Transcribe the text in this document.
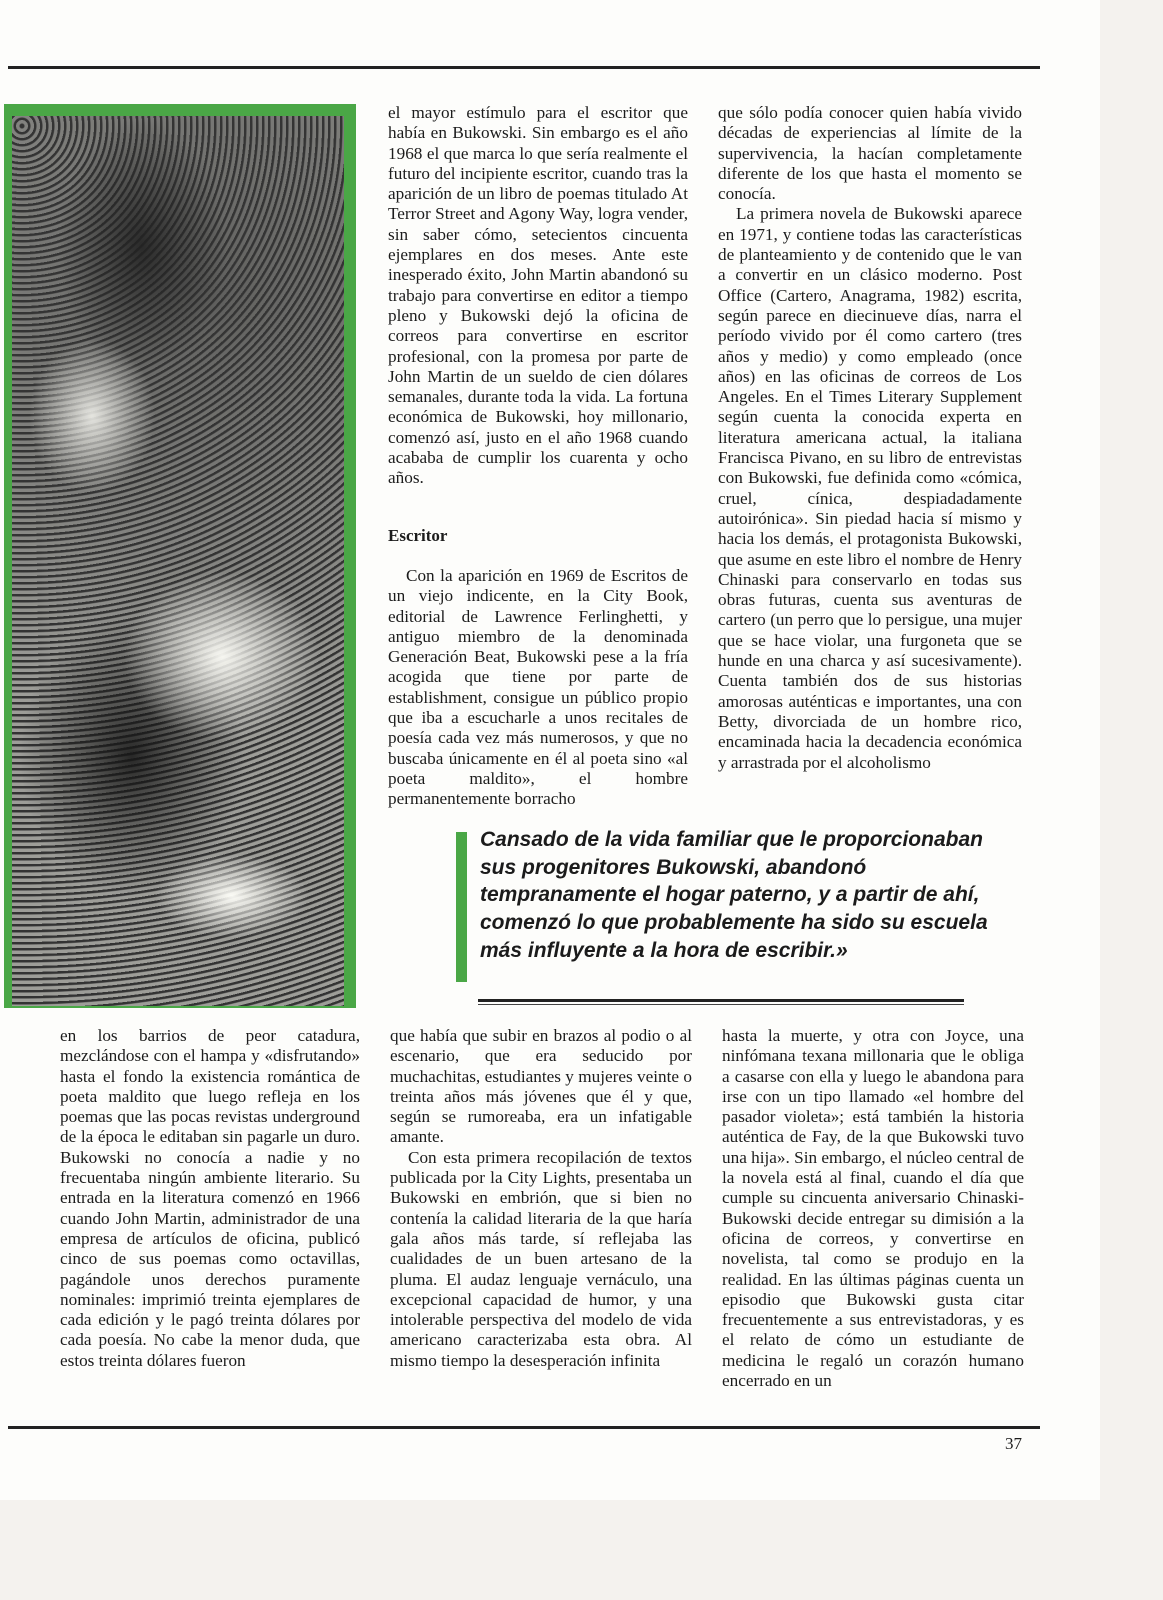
el mayor estímulo para el escritor que había en Bukowski. Sin embargo es el año 1968 el que marca lo que sería realmente el futuro del incipiente escritor, cuando tras la aparición de un libro de poemas titulado At Terror Street and Agony Way, logra vender, sin saber cómo, setecientos cincuenta ejemplares en dos meses. Ante este inesperado éxito, John Martin abandonó su trabajo para convertirse en editor a tiempo pleno y Bukowski dejó la oficina de correos para convertirse en escritor profesional, con la promesa por parte de John Martin de un sueldo de cien dólares semanales, durante toda la vida. La fortuna económica de Bukowski, hoy millonario, comenzó así, justo en el año 1968 cuando acababa de cumplir los cuarenta y ocho años.

Escritor

Con la aparición en 1969 de Escritos de un viejo indicente, en la City Book, editorial de Lawrence Ferlinghetti, y antiguo miembro de la denominada Generación Beat, Bukowski pese a la fría acogida que tiene por parte de establishment, consigue un público propio que iba a escucharle a unos recitales de poesía cada vez más numerosos, y que no buscaba únicamente en él al poeta sino «al poeta maldito», el hombre permanentemente borracho

que sólo podía conocer quien había vivido décadas de experiencias al límite de la supervivencia, la hacían completamente diferente de los que hasta el momento se conocía.

La primera novela de Bukowski aparece en 1971, y contiene todas las características de planteamiento y de contenido que le van a convertir en un clásico moderno. Post Office (Cartero, Anagrama, 1982) escrita, según parece en diecinueve días, narra el período vivido por él como cartero (tres años y medio) y como empleado (once años) en las oficinas de correos de Los Angeles. En el Times Literary Supplement según cuenta la conocida experta en literatura americana actual, la italiana Francisca Pivano, en su libro de entrevistas con Bukowski, fue definida como «cómica, cruel, cínica, despiadadamente autoirónica». Sin piedad hacia sí mismo y hacia los demás, el protagonista Bukowski, que asume en este libro el nombre de Henry Chinaski para conservarlo en todas sus obras futuras, cuenta sus aventuras de cartero (un perro que lo persigue, una mujer que se hace violar, una furgoneta que se hunde en una charca y así sucesivamente). Cuenta también dos de sus historias amorosas auténticas e importantes, una con Betty, divorciada de un hombre rico, encaminada hacia la decadencia económica y arrastrada por el alcoholismo

Cansado de la vida familiar que le proporcionaban sus progenitores Bukowski, abandonó tempranamente el hogar paterno, y a partir de ahí, comenzó lo que probablemente ha sido su escuela más influyente a la hora de escribir.»

en los barrios de peor catadura, mezclándose con el hampa y «disfrutando» hasta el fondo la existencia romántica de poeta maldito que luego refleja en los poemas que las pocas revistas underground de la época le editaban sin pagarle un duro. Bukowski no conocía a nadie y no frecuentaba ningún ambiente literario. Su entrada en la literatura comenzó en 1966 cuando John Martin, administrador de una empresa de artículos de oficina, publicó cinco de sus poemas como octavillas, pagándole unos derechos puramente nominales: imprimió treinta ejemplares de cada edición y le pagó treinta dólares por cada poesía. No cabe la menor duda, que estos treinta dólares fueron

que había que subir en brazos al podio o al escenario, que era seducido por muchachitas, estudiantes y mujeres veinte o treinta años más jóvenes que él y que, según se rumoreaba, era un infatigable amante.

Con esta primera recopilación de textos publicada por la City Lights, presentaba un Bukowski en embrión, que si bien no contenía la calidad literaria de la que haría gala años más tarde, sí reflejaba las cualidades de un buen artesano de la pluma. El audaz lenguaje vernáculo, una excepcional capacidad de humor, y una intolerable perspectiva del modelo de vida americano caracterizaba esta obra. Al mismo tiempo la desesperación infinita

hasta la muerte, y otra con Joyce, una ninfómana texana millonaria que le obliga a casarse con ella y luego le abandona para irse con un tipo llamado «el hombre del pasador violeta»; está también la historia auténtica de Fay, de la que Bukowski tuvo una hija». Sin embargo, el núcleo central de la novela está al final, cuando el día que cumple su cincuenta aniversario Chinaski-Bukowski decide entregar su dimisión a la oficina de correos, y convertirse en novelista, tal como se produjo en la realidad. En las últimas páginas cuenta un episodio que Bukowski gusta citar frecuentemente a sus entrevistadoras, y es el relato de cómo un estudiante de medicina le regaló un corazón humano encerrado en un

37
